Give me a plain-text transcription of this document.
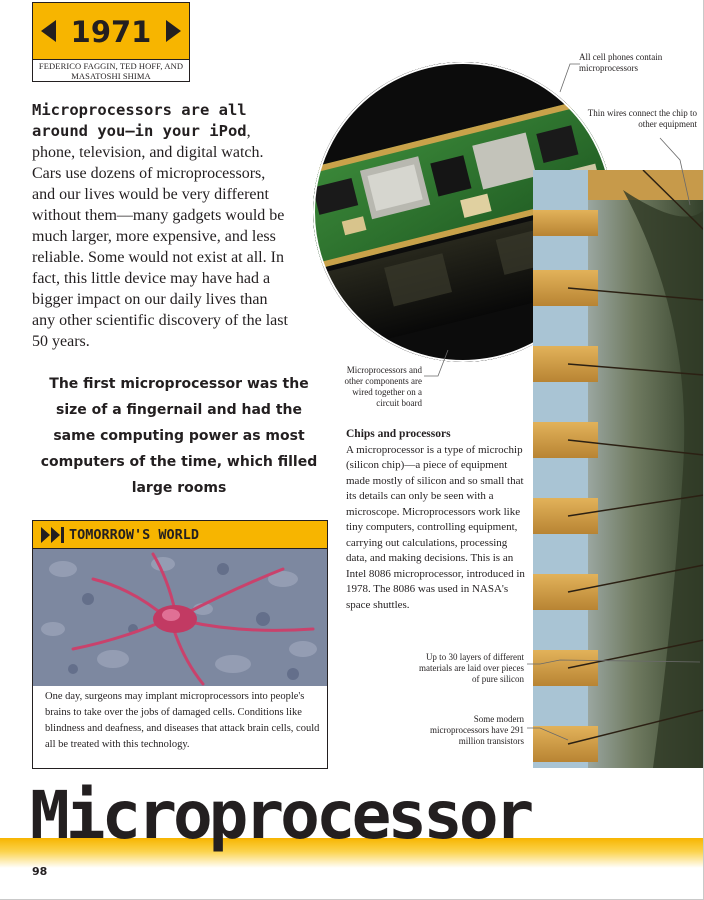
1971
FEDERICO FAGGIN, TED HOFF, AND MASATOSHI SHIMA
Microprocessors are all around you—in your iPod, phone, television, and digital watch. Cars use dozens of microprocessors, and our lives would be very different without them—many gadgets would be much larger, more expensive, and less reliable. Some would not exist at all. In fact, this little device may have had a bigger impact on our daily lives than any other scientific discovery of the last 50 years.
The first microprocessor was the size of a fingernail and had the same computing power as most computers of the time, which filled large rooms
All cell phones contain microprocessors
Thin wires connect the chip to other equipment
Microprocessors and other components are wired together on a circuit board
Up to 30 layers of different materials are laid over pieces of pure silicon
Some modern microprocessors have 291 million transistors
Chips and processors
A microprocessor is a type of microchip (silicon chip)—a piece of equipment made mostly of silicon and so small that its details can only be seen with a microscope. Microprocessors work like tiny computers, controlling equipment, carrying out calculations, processing data, and making decisions. This is an Intel 8086 microprocessor, introduced in 1978. The 8086 was used in NASA's space shuttles.
TOMORROW'S WORLD
One day, surgeons may implant microprocessors into people's brains to take over the jobs of damaged cells. Conditions like blindness and deafness, and diseases that attack brain cells, could all be treated with this technology.
Microprocessor
98
